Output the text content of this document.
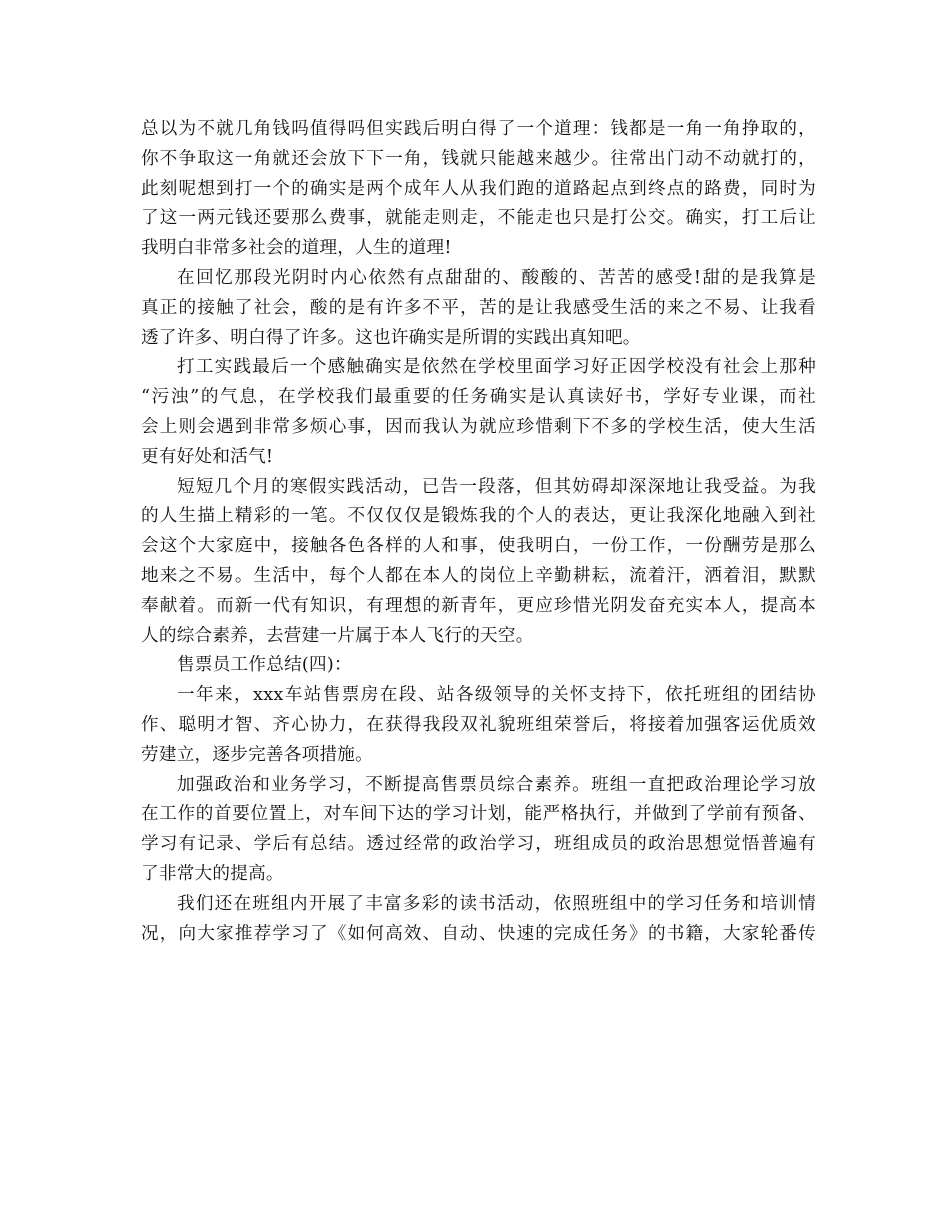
总以为不就几角钱吗值得吗但实践后明白得了一个道理：钱都是一角一角挣取的，
你不争取这一角就还会放下下一角，钱就只能越来越少。往常出门动不动就打的，
此刻呢想到打一个的确实是两个成年人从我们跑的道路起点到终点的路费，同时为
了这一两元钱还要那么费事，就能走则走，不能走也只是打公交。确实，打工后让
我明白非常多社会的道理，人生的道理!
在回忆那段光阴时内心依然有点甜甜的、酸酸的、苦苦的感受!甜的是我算是
真正的接触了社会，酸的是有许多不平，苦的是让我感受生活的来之不易、让我看
透了许多、明白得了许多。这也许确实是所谓的实践出真知吧。
打工实践最后一个感触确实是依然在学校里面学习好正因学校没有社会上那种
“污浊”的气息，在学校我们最重要的任务确实是认真读好书，学好专业课，而社
会上则会遇到非常多烦心事，因而我认为就应珍惜剩下不多的学校生活，使大生活
更有好处和活气!
短短几个月的寒假实践活动，已告一段落，但其妨碍却深深地让我受益。为我
的人生描上精彩的一笔。不仅仅仅是锻炼我的个人的表达，更让我深化地融入到社
会这个大家庭中，接触各色各样的人和事，使我明白，一份工作，一份酬劳是那么
地来之不易。生活中，每个人都在本人的岗位上辛勤耕耘，流着汗，洒着泪，默默
奉献着。而新一代有知识，有理想的新青年，更应珍惜光阴发奋充实本人，提高本
人的综合素养，去营建一片属于本人飞行的天空。
售票员工作总结(四)：
一年来，xxx车站售票房在段、站各级领导的关怀支持下，依托班组的团结协
作、聪明才智、齐心协力，在获得我段双礼貌班组荣誉后，将接着加强客运优质效
劳建立，逐步完善各项措施。
加强政治和业务学习，不断提高售票员综合素养。班组一直把政治理论学习放
在工作的首要位置上，对车间下达的学习计划，能严格执行，并做到了学前有预备、
学习有记录、学后有总结。透过经常的政治学习，班组成员的政治思想觉悟普遍有
了非常大的提高。
我们还在班组内开展了丰富多彩的读书活动，依照班组中的学习任务和培训情
况，向大家推荐学习了《如何高效、自动、快速的完成任务》的书籍，大家轮番传
